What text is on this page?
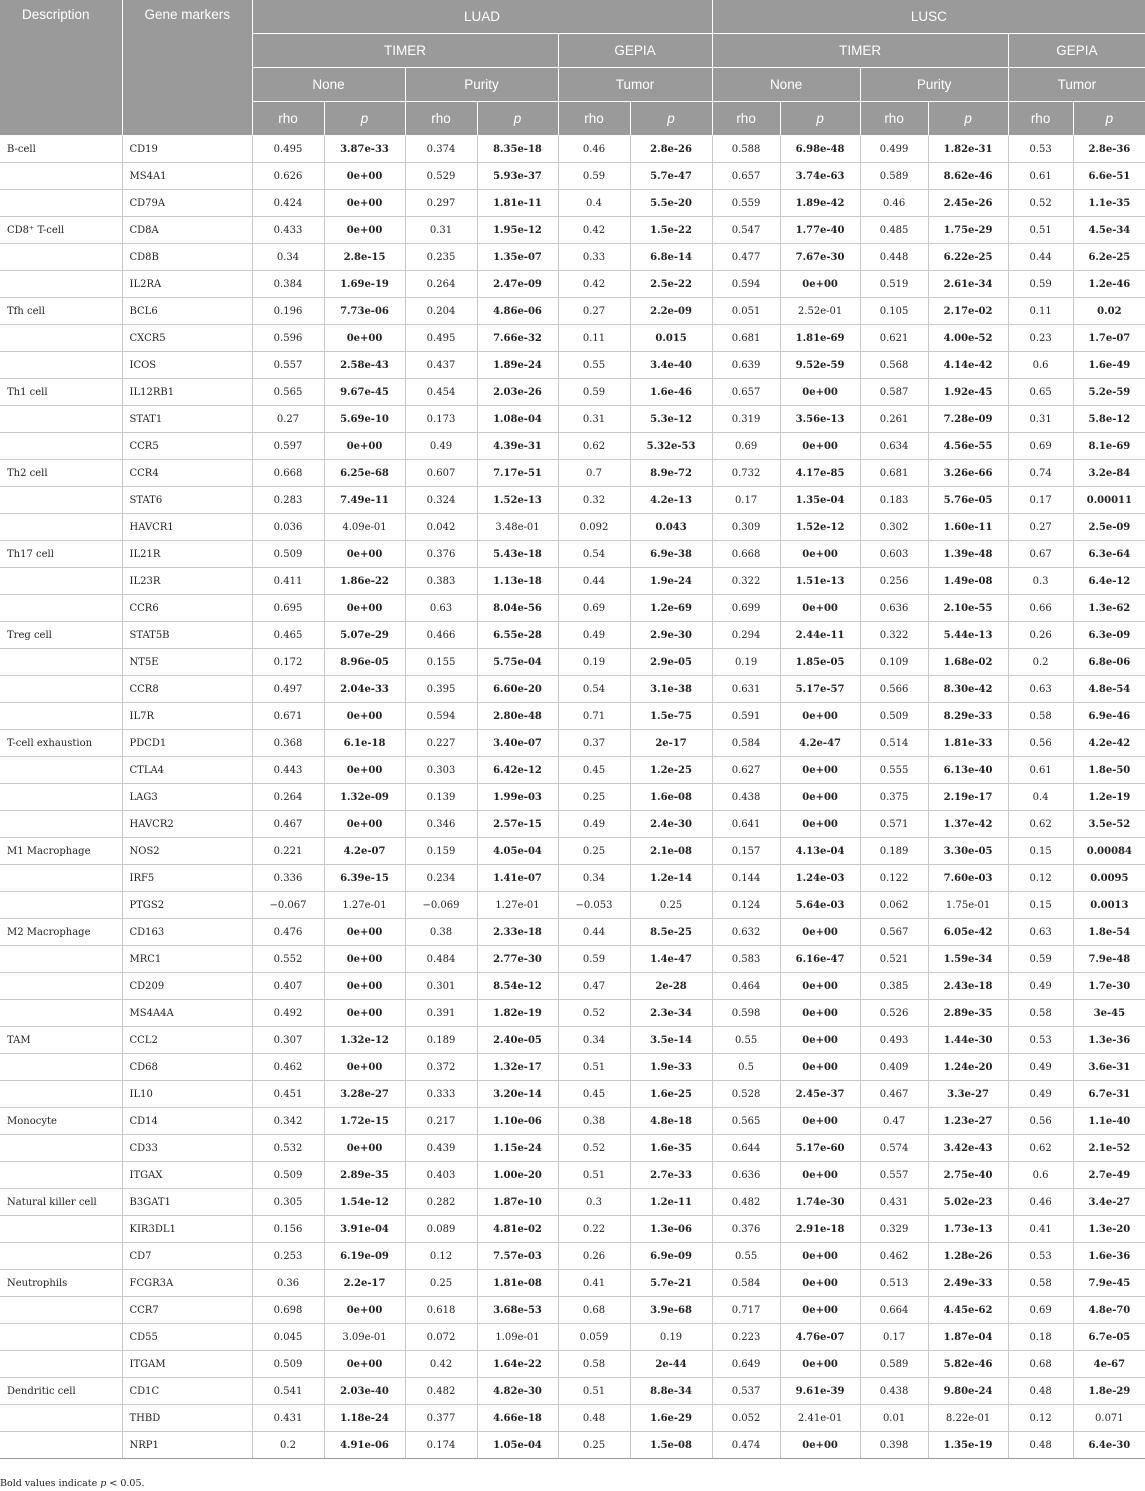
Description	Gene markers	LUAD						LUSC					
		TIMER				GEPIA		TIMER				GEPIA	
		None		Purity		Tumor		None		Purity		Tumor	
		rho	p	rho	p	rho	p	rho	p	rho	p	rho	p
B-cell	CD19	0.495	3.87e-33	0.374	8.35e-18	0.46	2.8e-26	0.588	6.98e-48	0.499	1.82e-31	0.53	2.8e-36
	MS4A1	0.626	0e+00	0.529	5.93e-37	0.59	5.7e-47	0.657	3.74e-63	0.589	8.62e-46	0.61	6.6e-51
	CD79A	0.424	0e+00	0.297	1.81e-11	0.4	5.5e-20	0.559	1.89e-42	0.46	2.45e-26	0.52	1.1e-35
CD8⁺ T-cell	CD8A	0.433	0e+00	0.31	1.95e-12	0.42	1.5e-22	0.547	1.77e-40	0.485	1.75e-29	0.51	4.5e-34
	CD8B	0.34	2.8e-15	0.235	1.35e-07	0.33	6.8e-14	0.477	7.67e-30	0.448	6.22e-25	0.44	6.2e-25
	IL2RA	0.384	1.69e-19	0.264	2.47e-09	0.42	2.5e-22	0.594	0e+00	0.519	2.61e-34	0.59	1.2e-46
Tfh cell	BCL6	0.196	7.73e-06	0.204	4.86e-06	0.27	2.2e-09	0.051	2.52e-01	0.105	2.17e-02	0.11	0.02
	CXCR5	0.596	0e+00	0.495	7.66e-32	0.11	0.015	0.681	1.81e-69	0.621	4.00e-52	0.23	1.7e-07
	ICOS	0.557	2.58e-43	0.437	1.89e-24	0.55	3.4e-40	0.639	9.52e-59	0.568	4.14e-42	0.6	1.6e-49
Th1 cell	IL12RB1	0.565	9.67e-45	0.454	2.03e-26	0.59	1.6e-46	0.657	0e+00	0.587	1.92e-45	0.65	5.2e-59
	STAT1	0.27	5.69e-10	0.173	1.08e-04	0.31	5.3e-12	0.319	3.56e-13	0.261	7.28e-09	0.31	5.8e-12
	CCR5	0.597	0e+00	0.49	4.39e-31	0.62	5.32e-53	0.69	0e+00	0.634	4.56e-55	0.69	8.1e-69
Th2 cell	CCR4	0.668	6.25e-68	0.607	7.17e-51	0.7	8.9e-72	0.732	4.17e-85	0.681	3.26e-66	0.74	3.2e-84
	STAT6	0.283	7.49e-11	0.324	1.52e-13	0.32	4.2e-13	0.17	1.35e-04	0.183	5.76e-05	0.17	0.00011
	HAVCR1	0.036	4.09e-01	0.042	3.48e-01	0.092	0.043	0.309	1.52e-12	0.302	1.60e-11	0.27	2.5e-09
Th17 cell	IL21R	0.509	0e+00	0.376	5.43e-18	0.54	6.9e-38	0.668	0e+00	0.603	1.39e-48	0.67	6.3e-64
	IL23R	0.411	1.86e-22	0.383	1.13e-18	0.44	1.9e-24	0.322	1.51e-13	0.256	1.49e-08	0.3	6.4e-12
	CCR6	0.695	0e+00	0.63	8.04e-56	0.69	1.2e-69	0.699	0e+00	0.636	2.10e-55	0.66	1.3e-62
Treg cell	STAT5B	0.465	5.07e-29	0.466	6.55e-28	0.49	2.9e-30	0.294	2.44e-11	0.322	5.44e-13	0.26	6.3e-09
	NT5E	0.172	8.96e-05	0.155	5.75e-04	0.19	2.9e-05	0.19	1.85e-05	0.109	1.68e-02	0.2	6.8e-06
	CCR8	0.497	2.04e-33	0.395	6.60e-20	0.54	3.1e-38	0.631	5.17e-57	0.566	8.30e-42	0.63	4.8e-54
	IL7R	0.671	0e+00	0.594	2.80e-48	0.71	1.5e-75	0.591	0e+00	0.509	8.29e-33	0.58	6.9e-46
T-cell exhaustion	PDCD1	0.368	6.1e-18	0.227	3.40e-07	0.37	2e-17	0.584	4.2e-47	0.514	1.81e-33	0.56	4.2e-42
	CTLA4	0.443	0e+00	0.303	6.42e-12	0.45	1.2e-25	0.627	0e+00	0.555	6.13e-40	0.61	1.8e-50
	LAG3	0.264	1.32e-09	0.139	1.99e-03	0.25	1.6e-08	0.438	0e+00	0.375	2.19e-17	0.4	1.2e-19
	HAVCR2	0.467	0e+00	0.346	2.57e-15	0.49	2.4e-30	0.641	0e+00	0.571	1.37e-42	0.62	3.5e-52
M1 Macrophage	NOS2	0.221	4.2e-07	0.159	4.05e-04	0.25	2.1e-08	0.157	4.13e-04	0.189	3.30e-05	0.15	0.00084
	IRF5	0.336	6.39e-15	0.234	1.41e-07	0.34	1.2e-14	0.144	1.24e-03	0.122	7.60e-03	0.12	0.0095
	PTGS2	−0.067	1.27e-01	−0.069	1.27e-01	−0.053	0.25	0.124	5.64e-03	0.062	1.75e-01	0.15	0.0013
M2 Macrophage	CD163	0.476	0e+00	0.38	2.33e-18	0.44	8.5e-25	0.632	0e+00	0.567	6.05e-42	0.63	1.8e-54
	MRC1	0.552	0e+00	0.484	2.77e-30	0.59	1.4e-47	0.583	6.16e-47	0.521	1.59e-34	0.59	7.9e-48
	CD209	0.407	0e+00	0.301	8.54e-12	0.47	2e-28	0.464	0e+00	0.385	2.43e-18	0.49	1.7e-30
	MS4A4A	0.492	0e+00	0.391	1.82e-19	0.52	2.3e-34	0.598	0e+00	0.526	2.89e-35	0.58	3e-45
TAM	CCL2	0.307	1.32e-12	0.189	2.40e-05	0.34	3.5e-14	0.55	0e+00	0.493	1.44e-30	0.53	1.3e-36
	CD68	0.462	0e+00	0.372	1.32e-17	0.51	1.9e-33	0.5	0e+00	0.409	1.24e-20	0.49	3.6e-31
	IL10	0.451	3.28e-27	0.333	3.20e-14	0.45	1.6e-25	0.528	2.45e-37	0.467	3.3e-27	0.49	6.7e-31
Monocyte	CD14	0.342	1.72e-15	0.217	1.10e-06	0.38	4.8e-18	0.565	0e+00	0.47	1.23e-27	0.56	1.1e-40
	CD33	0.532	0e+00	0.439	1.15e-24	0.52	1.6e-35	0.644	5.17e-60	0.574	3.42e-43	0.62	2.1e-52
	ITGAX	0.509	2.89e-35	0.403	1.00e-20	0.51	2.7e-33	0.636	0e+00	0.557	2.75e-40	0.6	2.7e-49
Natural killer cell	B3GAT1	0.305	1.54e-12	0.282	1.87e-10	0.3	1.2e-11	0.482	1.74e-30	0.431	5.02e-23	0.46	3.4e-27
	KIR3DL1	0.156	3.91e-04	0.089	4.81e-02	0.22	1.3e-06	0.376	2.91e-18	0.329	1.73e-13	0.41	1.3e-20
	CD7	0.253	6.19e-09	0.12	7.57e-03	0.26	6.9e-09	0.55	0e+00	0.462	1.28e-26	0.53	1.6e-36
Neutrophils	FCGR3A	0.36	2.2e-17	0.25	1.81e-08	0.41	5.7e-21	0.584	0e+00	0.513	2.49e-33	0.58	7.9e-45
	CCR7	0.698	0e+00	0.618	3.68e-53	0.68	3.9e-68	0.717	0e+00	0.664	4.45e-62	0.69	4.8e-70
	CD55	0.045	3.09e-01	0.072	1.09e-01	0.059	0.19	0.223	4.76e-07	0.17	1.87e-04	0.18	6.7e-05
	ITGAM	0.509	0e+00	0.42	1.64e-22	0.58	2e-44	0.649	0e+00	0.589	5.82e-46	0.68	4e-67
Dendritic cell	CD1C	0.541	2.03e-40	0.482	4.82e-30	0.51	8.8e-34	0.537	9.61e-39	0.438	9.80e-24	0.48	1.8e-29
	THBD	0.431	1.18e-24	0.377	4.66e-18	0.48	1.6e-29	0.052	2.41e-01	0.01	8.22e-01	0.12	0.071
	NRP1	0.2	4.91e-06	0.174	1.05e-04	0.25	1.5e-08	0.474	0e+00	0.398	1.35e-19	0.48	6.4e-30
Bold values indicate p < 0.05.
